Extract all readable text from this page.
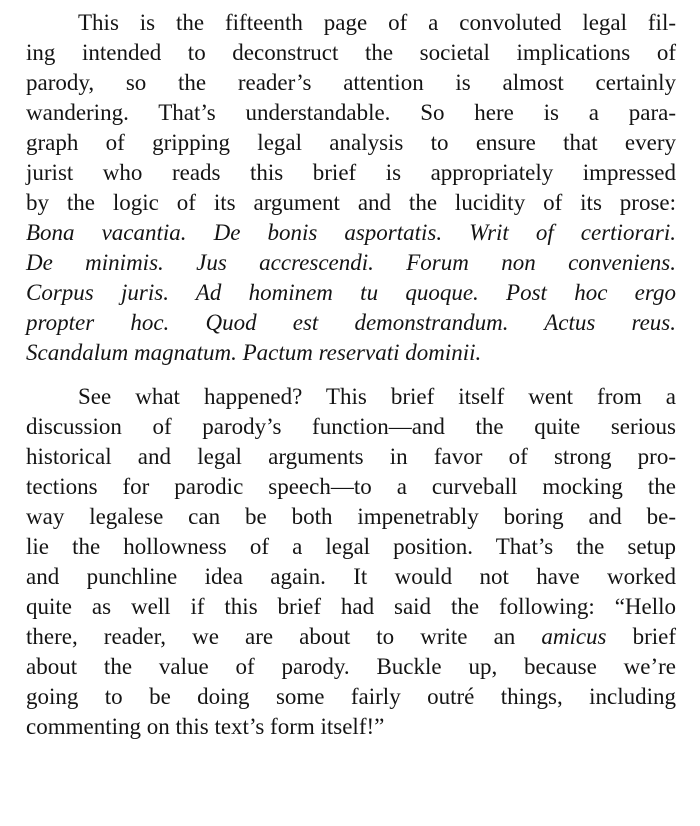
This is the fifteenth page of a convoluted legal fil-
ing intended to deconstruct the societal implications of
parody, so the reader’s attention is almost certainly
wandering. That’s understandable. So here is a para-
graph of gripping legal analysis to ensure that every
jurist who reads this brief is appropriately impressed
by the logic of its argument and the lucidity of its prose:
Bona vacantia. De bonis asportatis. Writ of certiorari.
De minimis. Jus accrescendi. Forum non conveniens.
Corpus juris. Ad hominem tu quoque. Post hoc ergo
propter hoc. Quod est demonstrandum. Actus reus.
Scandalum magnatum. Pactum reservati dominii.
See what happened? This brief itself went from a
discussion of parody’s function—and the quite serious
historical and legal arguments in favor of strong pro-
tections for parodic speech—to a curveball mocking the
way legalese can be both impenetrably boring and be-
lie the hollowness of a legal position. That’s the setup
and punchline idea again. It would not have worked
quite as well if this brief had said the following: “Hello
there, reader, we are about to write an amicus brief
about the value of parody. Buckle up, because we’re
going to be doing some fairly outré things, including
commenting on this text’s form itself!”
